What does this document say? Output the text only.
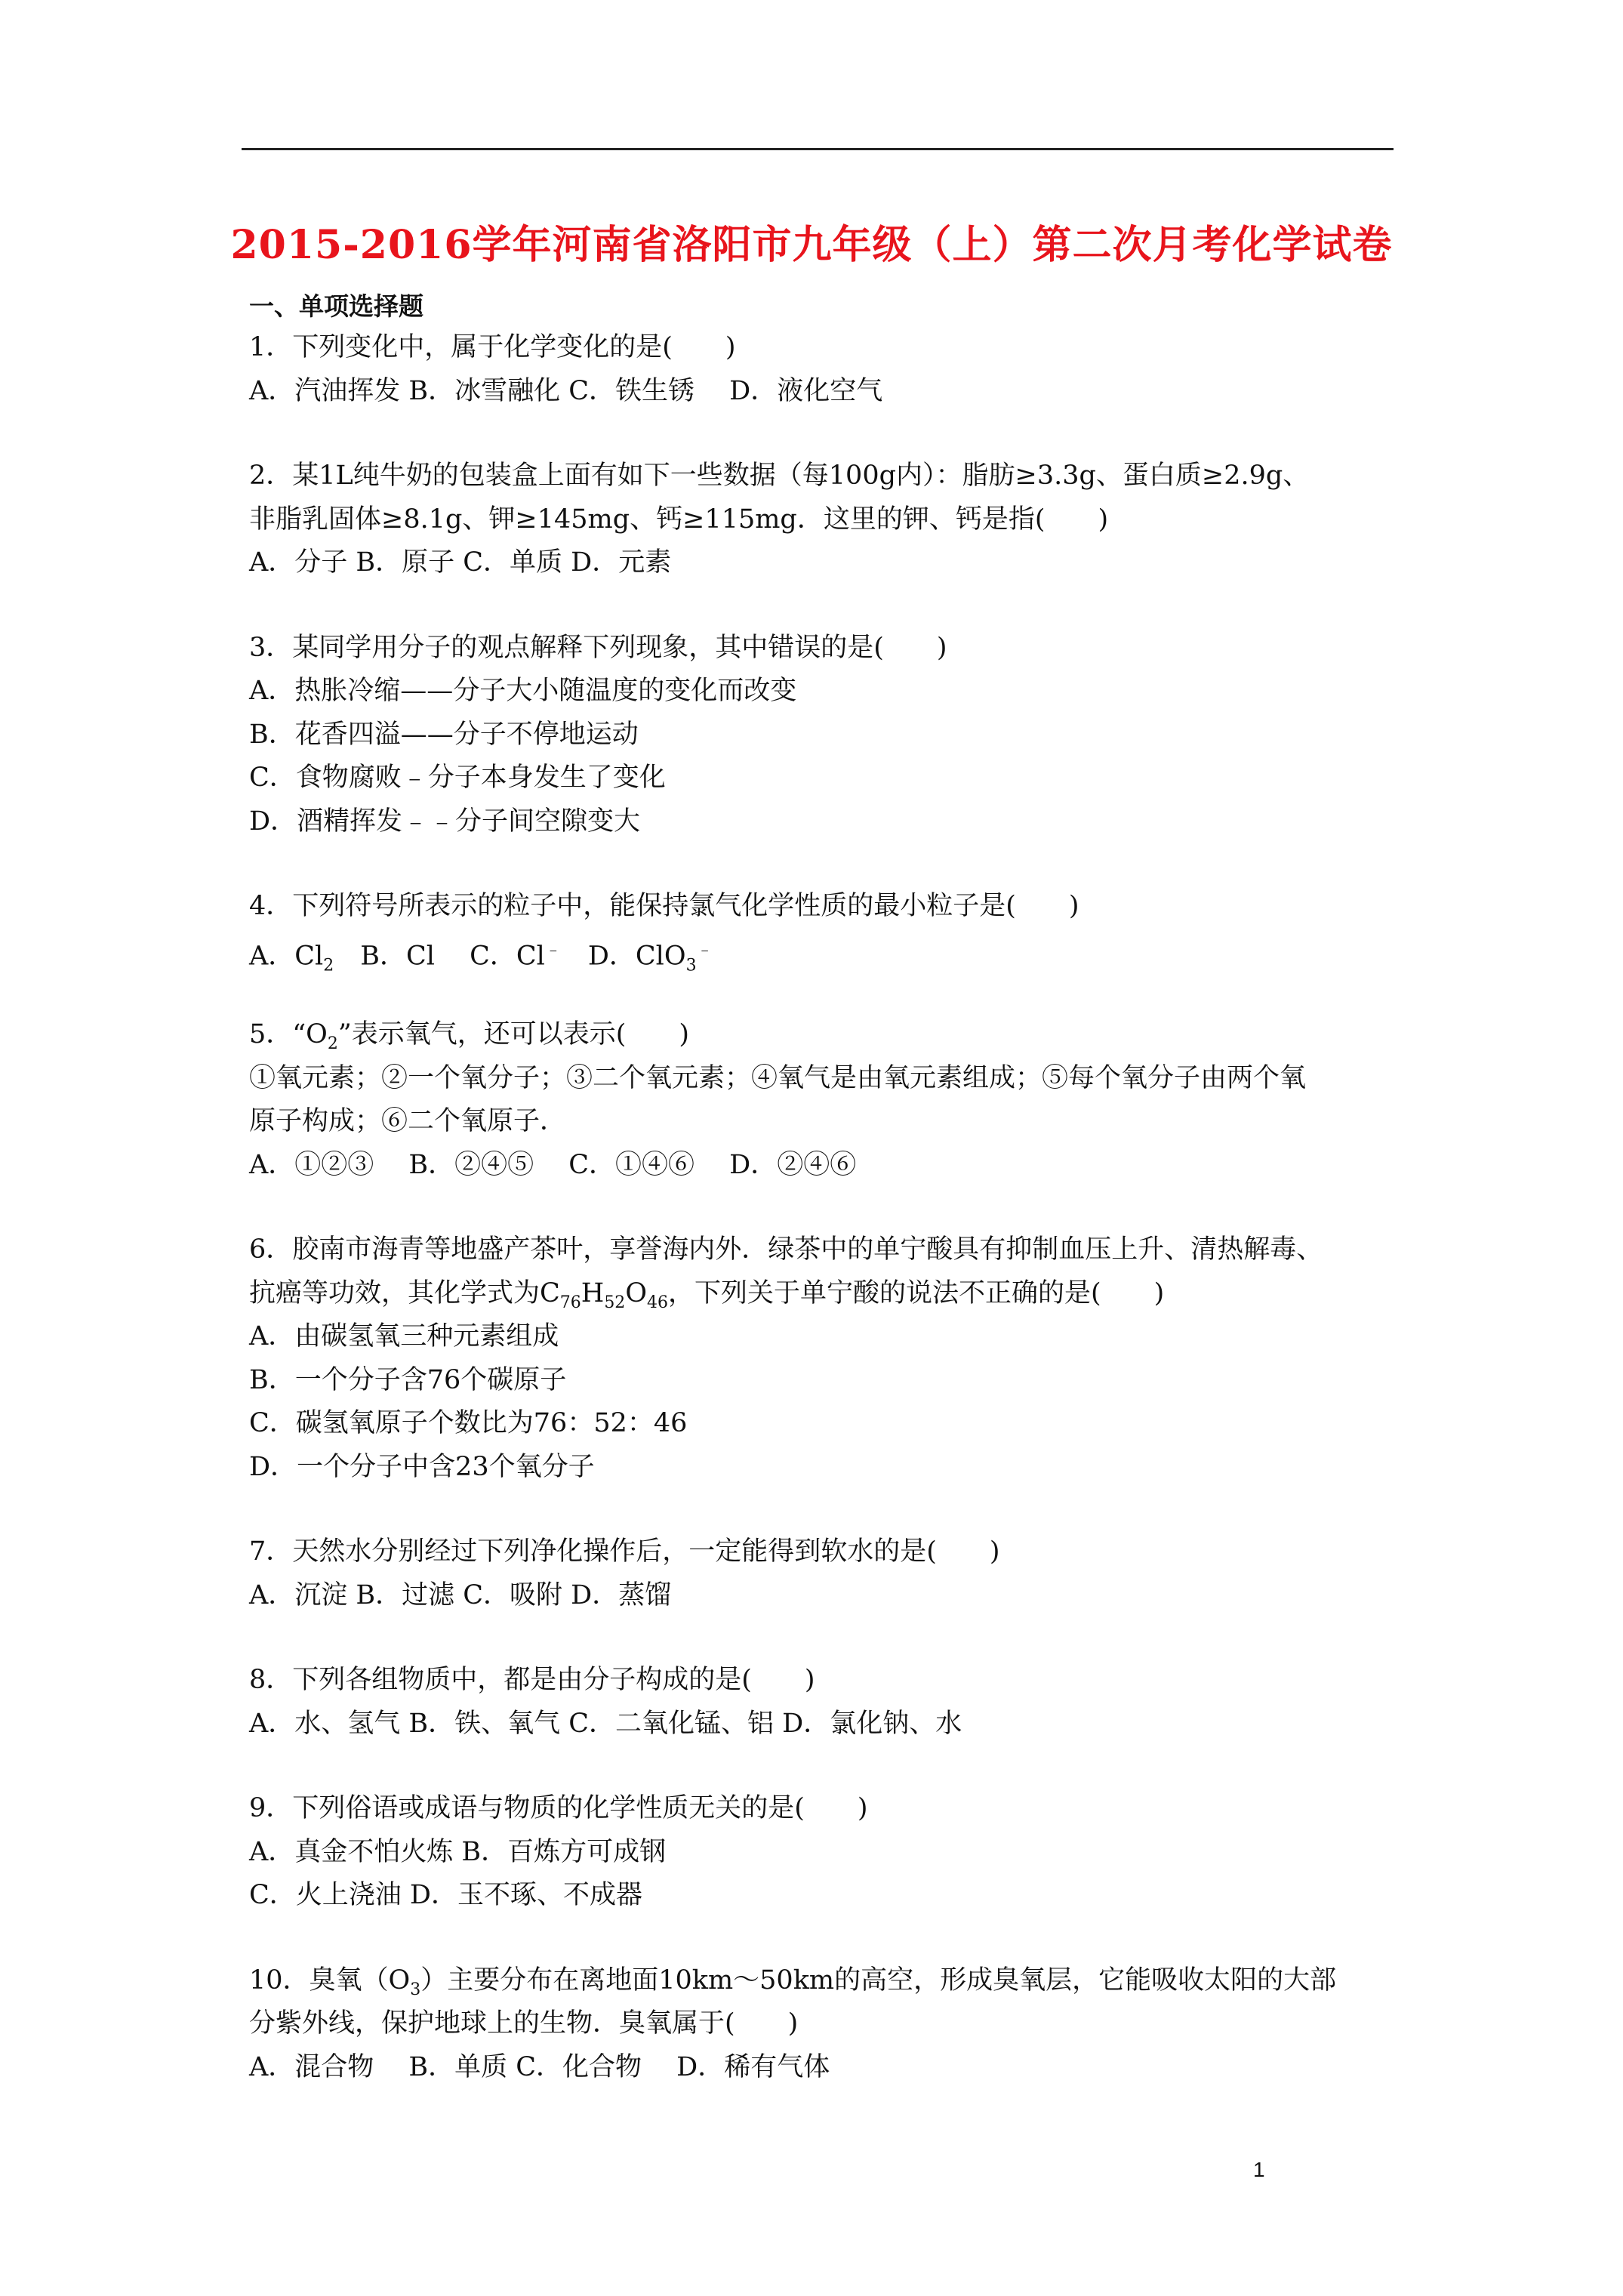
2015-2016学年河南省洛阳市九年级（上）第二次月考化学试卷
一、单项选择题
1．下列变化中，属于化学变化的是(　　)
A．汽油挥发 B．冰雪融化 C．铁生锈　 D．液化空气
2．某1L纯牛奶的包装盒上面有如下一些数据（每100g内）：脂肪≥3.3g、蛋白质≥2.9g、
非脂乳固体≥8.1g、钾≥145mg、钙≥115mg．这里的钾、钙是指(　　)
A．分子 B．原子 C．单质 D．元素
3．某同学用分子的观点解释下列现象，其中错误的是(　　)
A．热胀冷缩——分子大小随温度的变化而改变
B．花香四溢——分子不停地运动
C．食物腐败﹣分子本身发生了变化
D．酒精挥发﹣﹣分子间空隙变大
4．下列符号所表示的粒子中，能保持氯气化学性质的最小粒子是(　　)
A．$Cl_2$　B．Cl　 C．Cl﹣　D．ClO$_3$﹣
5．“$O_2$”表示氧气，还可以表示(　　)
①氧元素；②一个氧分子；③二个氧元素；④氧气是由氧元素组成；⑤每个氧分子由两个氧
原子构成；⑥二个氧原子．
A．①②③　 B．②④⑤　 C．①④⑥　 D．②④⑥
6．胶南市海青等地盛产茶叶，享誉海内外．绿茶中的单宁酸具有抑制血压上升、清热解毒、
抗癌等功效，其化学式为$C_{76}H_{52}O_{46}$，下列关于单宁酸的说法不正确的是(　　)
A．由碳氢氧三种元素组成
B．一个分子含76个碳原子
C．碳氢氧原子个数比为76：52：46
D．一个分子中含23个氧分子
7．天然水分别经过下列净化操作后，一定能得到软水的是(　　)
A．沉淀 B．过滤 C．吸附 D．蒸馏
8．下列各组物质中，都是由分子构成的是(　　)
A．水、氢气 B．铁、氧气 C．二氧化锰、铝 D．氯化钠、水
9．下列俗语或成语与物质的化学性质无关的是(　　)
A．真金不怕火炼 B．百炼方可成钢
C．火上浇油 D．玉不琢、不成器
10．臭氧$(O_3)$主要分布在离地面10km～50km的高空，形成臭氧层，它能吸收太阳的大部
分紫外线，保护地球上的生物．臭氧属于(　　)
A．混合物　 B．单质 C．化合物　 D．稀有气体
1
